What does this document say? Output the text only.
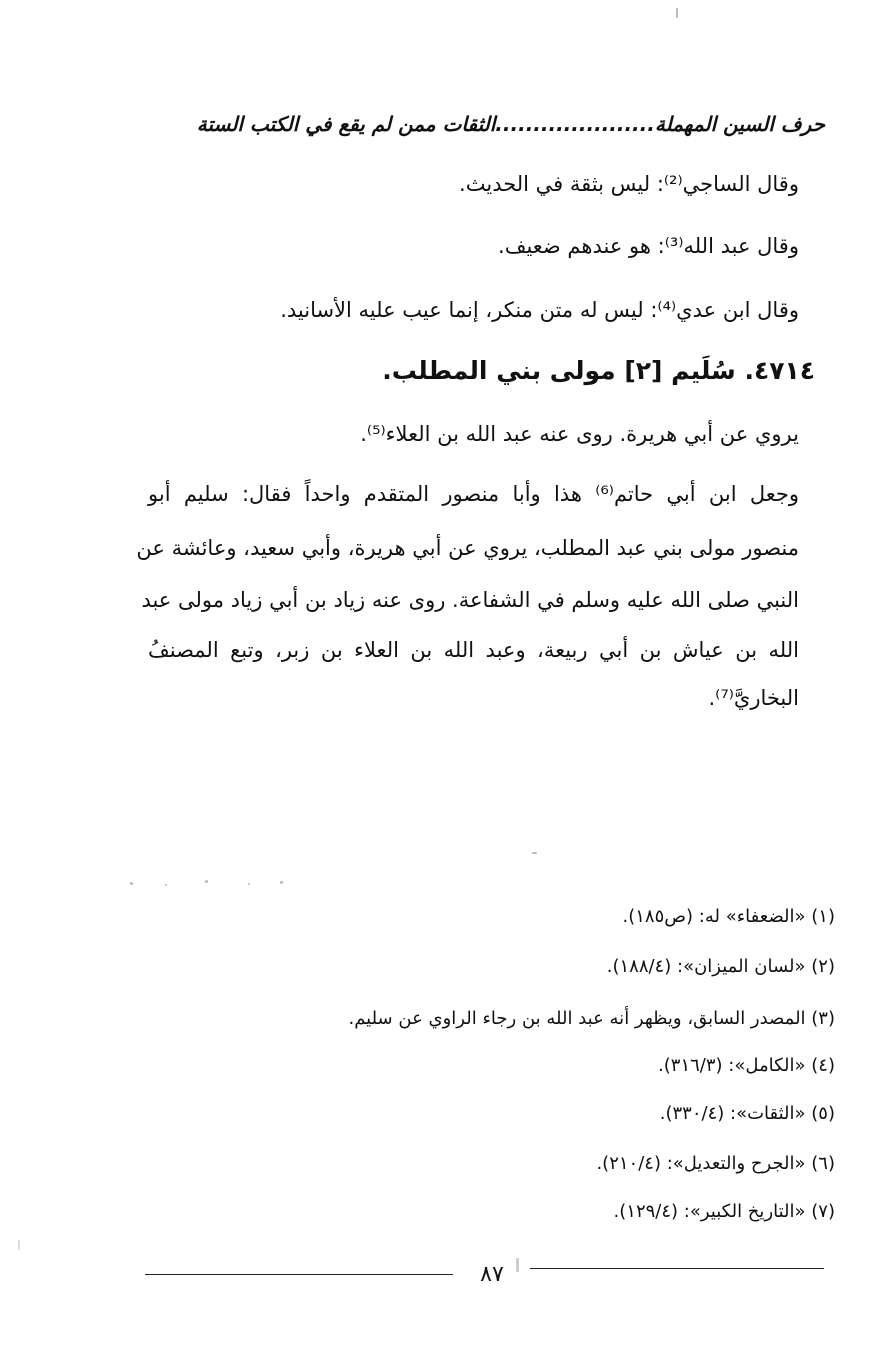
حرف السين المهملة.....................الثقات ممن لم يقع في الكتب الستة
وقال الساجي⁽²⁾: ليس بثقة في الحديث.
وقال عبد الله⁽³⁾: هو عندهم ضعيف.
وقال ابن عدي⁽⁴⁾: ليس له متن منكر، إنما عيب عليه الأسانيد.
٤٧١٤. سُلَيم [٢] مولى بني المطلب.
يروي عن أبي هريرة. روى عنه عبد الله بن العلاء⁽⁵⁾.
وجعل ابن أبي حاتم⁽⁶⁾ هذا وأبا منصور المتقدم واحداً فقال: سليم أبو
منصور مولى بني عبد المطلب، يروي عن أبي هريرة، وأبي سعيد، وعائشة عن
النبي صلى الله عليه وسلم في الشفاعة. روى عنه زياد بن أبي زياد مولى عبد
الله بن عياش بن أبي ربيعة، وعبد الله بن العلاء بن زبر، وتبع المصنفُ
البخاريَّ⁽⁷⁾.
(١) «الضعفاء» له: (ص١٨٥).
(٢) «لسان الميزان»: (١٨٨/٤).
(٣) المصدر السابق، ويظهر أنه عبد الله بن رجاء الراوي عن سليم.
(٤) «الكامل»: (٣١٦/٣).
(٥) «الثقات»: (٣٣٠/٤).
(٦) «الجرح والتعديل»: (٢١٠/٤).
(٧) «التاريخ الكبير»: (١٢٩/٤).
٨٧
